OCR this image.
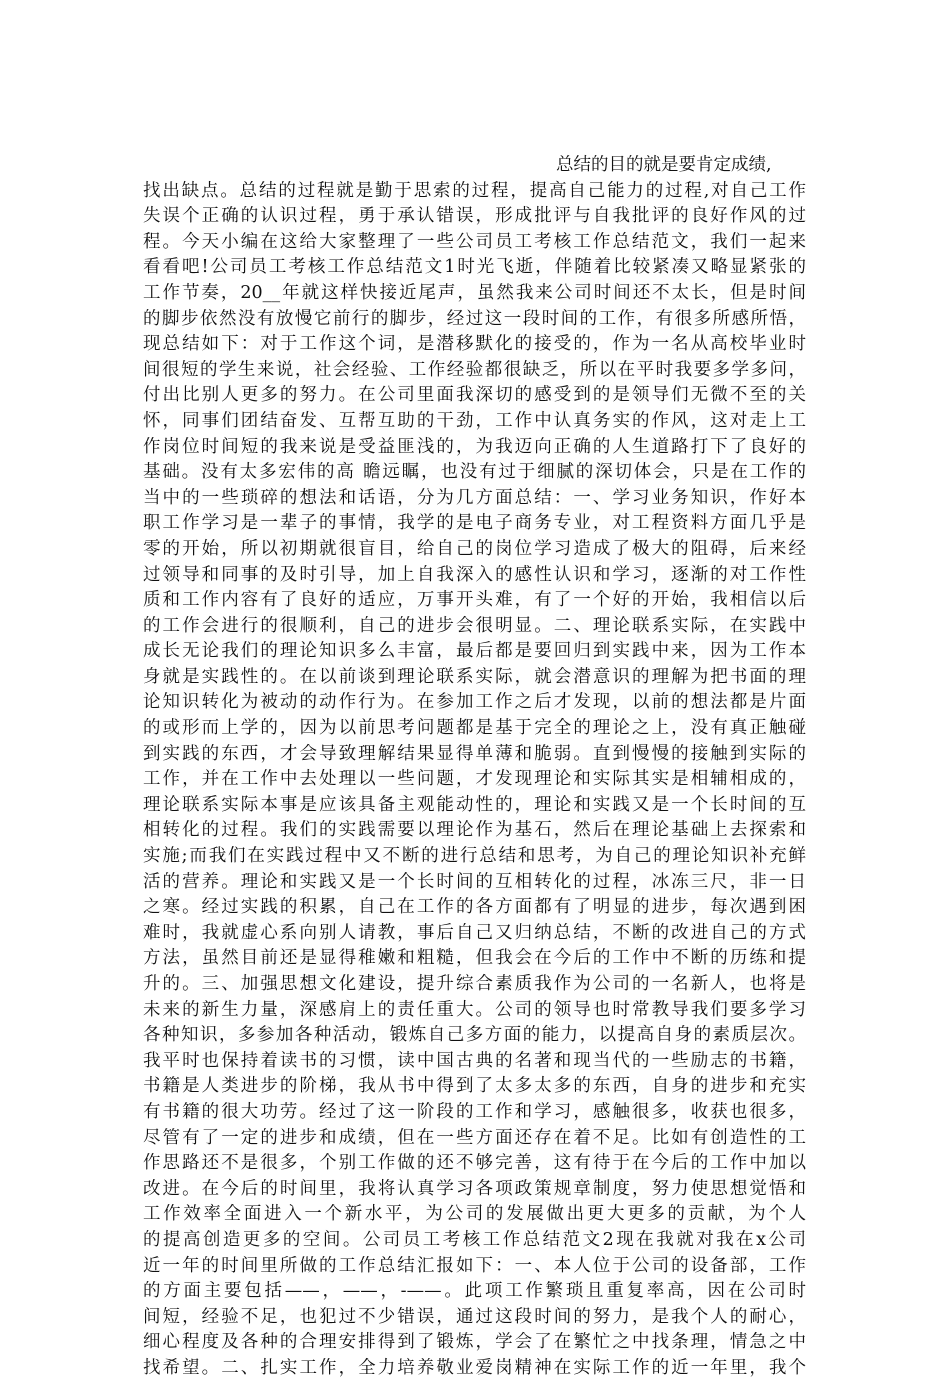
总结的目的就是要肯定成绩,
找出缺点。总结的过程就是勤于思索的过程，提高自己能力的过程,对自己工作
失误个正确的认识过程，勇于承认错误，形成批评与自我批评的良好作风的过
程。今天小编在这给大家整理了一些公司员工考核工作总结范文，我们一起来
看看吧!公司员工考核工作总结范文1时光飞逝，伴随着比较紧凑又略显紧张的
工作节奏，20__年就这样快接近尾声，虽然我来公司时间还不太长，但是时间
的脚步依然没有放慢它前行的脚步，经过这一段时间的工作，有很多所感所悟，
现总结如下：对于工作这个词，是潜移默化的接受的，作为一名从高校毕业时
间很短的学生来说，社会经验、工作经验都很缺乏，所以在平时我要多学多问，
付出比别人更多的努力。在公司里面我深切的感受到的是领导们无微不至的关
怀，同事们团结奋发、互帮互助的干劲，工作中认真务实的作风，这对走上工
作岗位时间短的我来说是受益匪浅的，为我迈向正确的人生道路打下了良好的
基础。没有太多宏伟的高 瞻远瞩，也没有过于细腻的深切体会，只是在工作的
当中的一些琐碎的想法和话语，分为几方面总结：一、学习业务知识，作好本
职工作学习是一辈子的事情，我学的是电子商务专业，对工程资料方面几乎是
零的开始，所以初期就很盲目，给自己的岗位学习造成了极大的阻碍，后来经
过领导和同事的及时引导，加上自我深入的感性认识和学习，逐渐的对工作性
质和工作内容有了良好的适应，万事开头难，有了一个好的开始，我相信以后
的工作会进行的很顺利，自己的进步会很明显。二、理论联系实际，在实践中
成长无论我们的理论知识多么丰富，最后都是要回归到实践中来，因为工作本
身就是实践性的。在以前谈到理论联系实际，就会潜意识的理解为把书面的理
论知识转化为被动的动作行为。在参加工作之后才发现，以前的想法都是片面
的或形而上学的，因为以前思考问题都是基于完全的理论之上，没有真正触碰
到实践的东西，才会导致理解结果显得单薄和脆弱。直到慢慢的接触到实际的
工作，并在工作中去处理以一些问题，才发现理论和实际其实是相辅相成的，
理论联系实际本事是应该具备主观能动性的，理论和实践又是一个长时间的互
相转化的过程。我们的实践需要以理论作为基石，然后在理论基础上去探索和
实施;而我们在实践过程中又不断的进行总结和思考，为自己的理论知识补充鲜
活的营养。理论和实践又是一个长时间的互相转化的过程，冰冻三尺，非一日
之寒。经过实践的积累，自己在工作的各方面都有了明显的进步，每次遇到困
难时，我就虚心系向别人请教，事后自己又归纳总结，不断的改进自己的方式
方法，虽然目前还是显得稚嫩和粗糙，但我会在今后的工作中不断的历练和提
升的。三、加强思想文化建设，提升综合素质我作为公司的一名新人，也将是
未来的新生力量，深感肩上的责任重大。公司的领导也时常教导我们要多学习
各种知识，多参加各种活动，锻炼自己多方面的能力，以提高自身的素质层次。
我平时也保持着读书的习惯，读中国古典的名著和现当代的一些励志的书籍，
书籍是人类进步的阶梯，我从书中得到了太多太多的东西，自身的进步和充实
有书籍的很大功劳。经过了这一阶段的工作和学习，感触很多，收获也很多，
尽管有了一定的进步和成绩，但在一些方面还存在着不足。比如有创造性的工
作思路还不是很多，个别工作做的还不够完善，这有待于在今后的工作中加以
改进。在今后的时间里，我将认真学习各项政策规章制度，努力使思想觉悟和
工作效率全面进入一个新水平，为公司的发展做出更大更多的贡献，为个人
的提高创造更多的空间。公司员工考核工作总结范文2现在我就对我在x公司
近一年的时间里所做的工作总结汇报如下：一、本人位于公司的设备部，工作
的方面主要包括——，——，-——。此项工作繁琐且重复率高，因在公司时
间短，经验不足，也犯过不少错误，通过这段时间的努力，是我个人的耐心，
细心程度及各种的合理安排得到了锻炼，学会了在繁忙之中找条理，情急之中
找希望。二、扎实工作，全力培养敬业爱岗精神在实际工作的近一年里，我个
